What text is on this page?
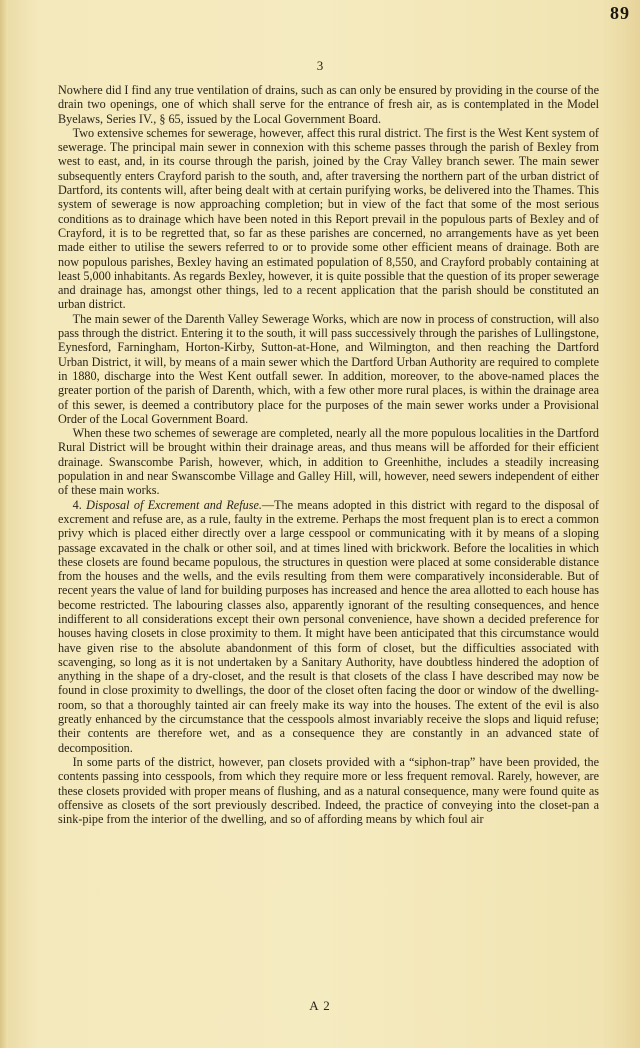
89
3

Nowhere did I find any true ventilation of drains, such as can only be ensured by providing in the course of the drain two openings, one of which shall serve for the entrance of fresh air, as is contemplated in the Model Byelaws, Series IV., § 65, issued by the Local Government Board.

Two extensive schemes for sewerage, however, affect this rural district. The first is the West Kent system of sewerage. The principal main sewer in connexion with this scheme passes through the parish of Bexley from west to east, and, in its course through the parish, joined by the Cray Valley branch sewer. The main sewer subsequently enters Crayford parish to the south, and, after traversing the northern part of the urban district of Dartford, its contents will, after being dealt with at certain purifying works, be delivered into the Thames. This system of sewerage is now approaching completion; but in view of the fact that some of the most serious conditions as to drainage which have been noted in this Report prevail in the populous parts of Bexley and of Crayford, it is to be regretted that, so far as these parishes are concerned, no arrangements have as yet been made either to utilise the sewers referred to or to provide some other efficient means of drainage. Both are now populous parishes, Bexley having an estimated population of 8,550, and Crayford probably containing at least 5,000 inhabitants. As regards Bexley, however, it is quite possible that the question of its proper sewerage and drainage has, amongst other things, led to a recent application that the parish should be constituted an urban district.

The main sewer of the Darenth Valley Sewerage Works, which are now in process of construction, will also pass through the district. Entering it to the south, it will pass successively through the parishes of Lullingstone, Eynesford, Farningham, Horton-Kirby, Sutton-at-Hone, and Wilmington, and then reaching the Dartford Urban District, it will, by means of a main sewer which the Dartford Urban Authority are required to complete in 1880, discharge into the West Kent outfall sewer. In addition, moreover, to the above-named places the greater portion of the parish of Darenth, which, with a few other more rural places, is within the drainage area of this sewer, is deemed a contributory place for the purposes of the main sewer works under a Provisional Order of the Local Government Board.

When these two schemes of sewerage are completed, nearly all the more populous localities in the Dartford Rural District will be brought within their drainage areas, and thus means will be afforded for their efficient drainage. Swanscombe Parish, however, which, in addition to Greenhithe, includes a steadily increasing population in and near Swanscombe Village and Galley Hill, will, however, need sewers independent of either of these main works.

4. Disposal of Excrement and Refuse.—The means adopted in this district with regard to the disposal of excrement and refuse are, as a rule, faulty in the extreme. Perhaps the most frequent plan is to erect a common privy which is placed either directly over a large cesspool or communicating with it by means of a sloping passage excavated in the chalk or other soil, and at times lined with brickwork. Before the localities in which these closets are found became populous, the structures in question were placed at some considerable distance from the houses and the wells, and the evils resulting from them were comparatively inconsiderable. But of recent years the value of land for building purposes has increased and hence the area allotted to each house has become restricted. The labouring classes also, apparently ignorant of the resulting consequences, and hence indifferent to all considerations except their own personal convenience, have shown a decided preference for houses having closets in close proximity to them. It might have been anticipated that this circumstance would have given rise to the absolute abandonment of this form of closet, but the difficulties associated with scavenging, so long as it is not undertaken by a Sanitary Authority, have doubtless hindered the adoption of anything in the shape of a dry-closet, and the result is that closets of the class I have described may now be found in close proximity to dwellings, the door of the closet often facing the door or window of the dwelling-room, so that a thoroughly tainted air can freely make its way into the houses. The extent of the evil is also greatly enhanced by the circumstance that the cesspools almost invariably receive the slops and liquid refuse; their contents are therefore wet, and as a consequence they are constantly in an advanced state of decomposition.

In some parts of the district, however, pan closets provided with a “siphon-trap” have been provided, the contents passing into cesspools, from which they require more or less frequent removal. Rarely, however, are these closets provided with proper means of flushing, and as a natural consequence, many were found quite as offensive as closets of the sort previously described. Indeed, the practice of conveying into the closet-pan a sink-pipe from the interior of the dwelling, and so of affording means by which foul air

A 2
